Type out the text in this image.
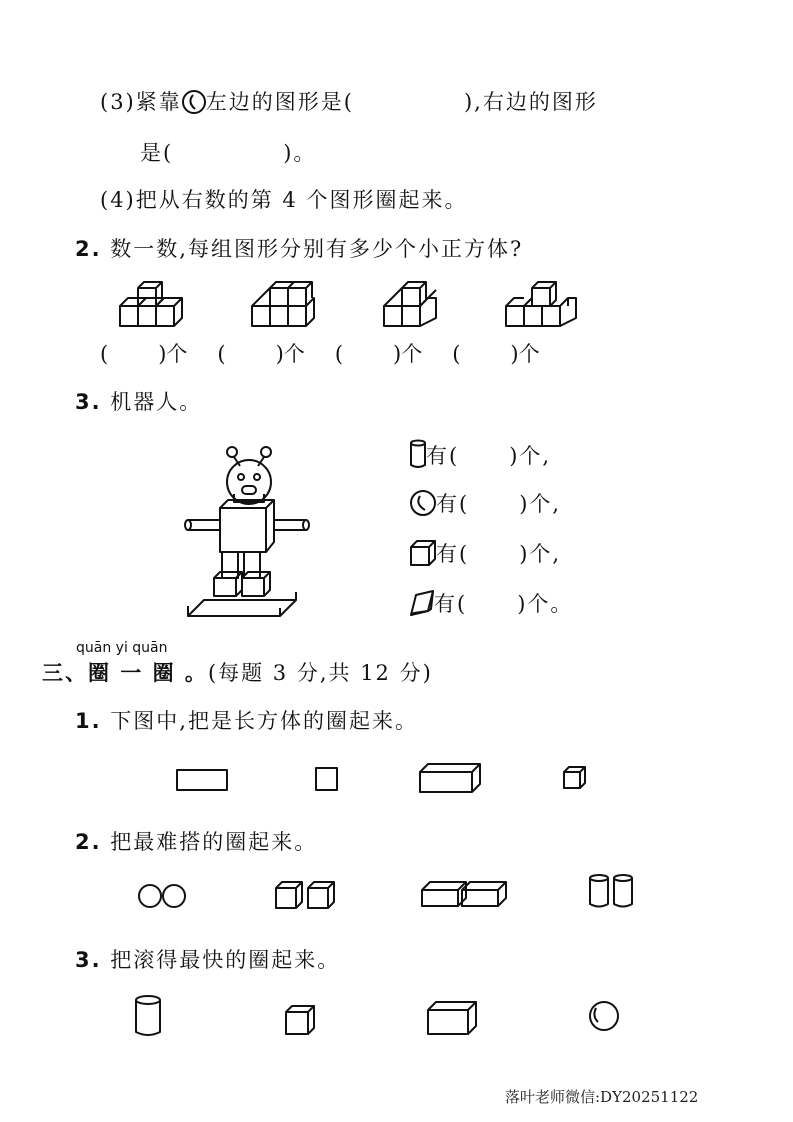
(3)紧靠 左边的图形是(	),右边的图形
是(	)。
(4)把从右数的第 4 个图形圈起来。
2. 数一数,每组图形分别有多少个小正方体?
( )个 ( )个 ( )个 ( )个
3. 机器人。
有( )个,
有( )个,
有( )个,
有( )个。
quān yi quān
三、圈 一 圈 。(每题 3 分,共 12 分)
1. 下图中,把是长方体的圈起来。
2. 把最难搭的圈起来。
3. 把滚得最快的圈起来。
落叶老师微信:DY20251122
